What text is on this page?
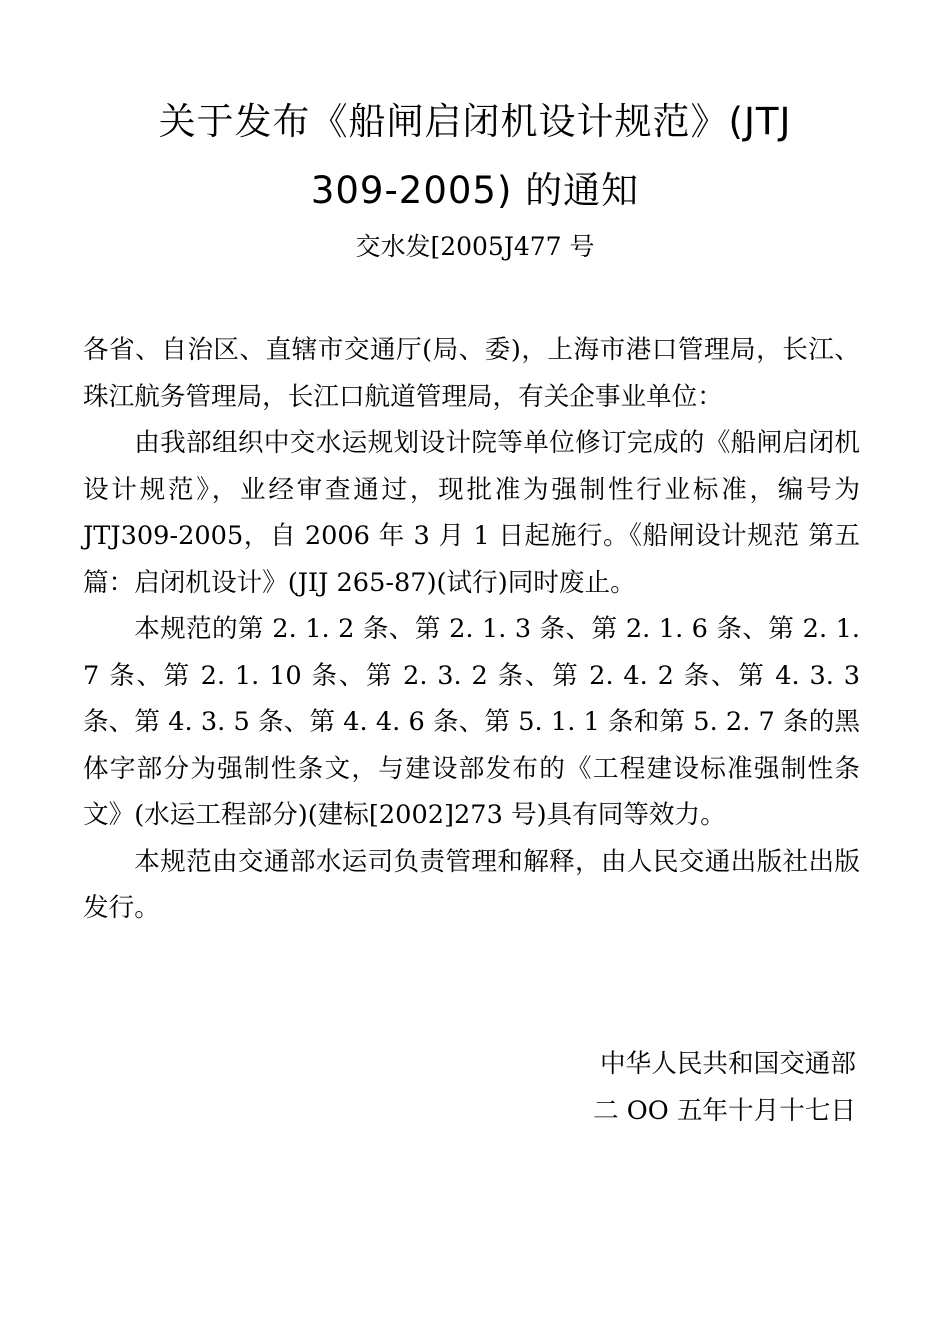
关于发布《船闸启闭机设计规范》(JTJ
309-2005) 的通知
交水发[2005J477 号

各省、自治区、直辖市交通厅(局、委)，上海市港口管理局，长江、珠江航务管理局，长江口航道管理局，有关企事业单位：

由我部组织中交水运规划设计院等单位修订完成的《船闸启闭机设计规范》，业经审查通过，现批准为强制性行业标准，编号为 JTJ309-2005，自 2006 年 3 月 1 日起施行。《船闸设计规范 第五篇：启闭机设计》(JIJ 265-87)(试行)同时废止。

本规范的第 2. 1. 2 条、第 2. 1. 3 条、第 2. 1. 6 条、第 2. 1. 7 条、第 2. 1. 10 条、第 2. 3. 2 条、第 2. 4. 2 条、第 4. 3. 3 条、第 4. 3. 5 条、第 4. 4. 6 条、第 5. 1. 1 条和第 5. 2. 7 条的黑体字部分为强制性条文，与建设部发布的《工程建设标准强制性条文》(水运工程部分)(建标[2002]273 号)具有同等效力。

本规范由交通部水运司负责管理和解释，由人民交通出版社出版发行。

中华人民共和国交通部
二 OO 五年十月十七日
